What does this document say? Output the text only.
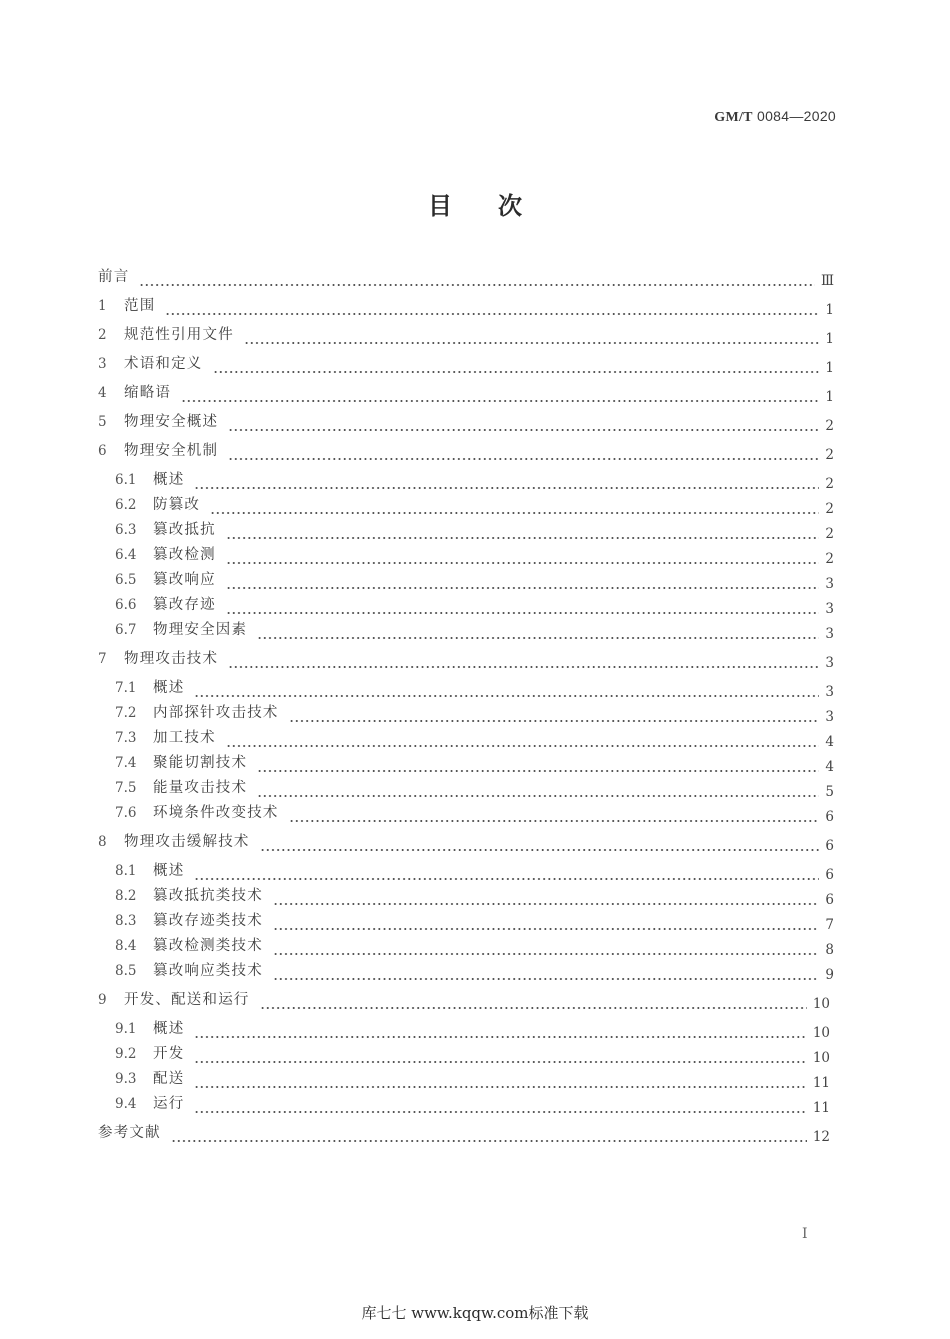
GM/T 0084—2020
目次
前言	Ⅲ
1	范围	1
2	规范性引用文件	1
3	术语和定义	1
4	缩略语	1
5	物理安全概述	2
6	物理安全机制	2
6.1	概述	2
6.2	防篡改	2
6.3	篡改抵抗	2
6.4	篡改检测	2
6.5	篡改响应	3
6.6	篡改存迹	3
6.7	物理安全因素	3
7	物理攻击技术	3
7.1	概述	3
7.2	内部探针攻击技术	3
7.3	加工技术	4
7.4	聚能切割技术	4
7.5	能量攻击技术	5
7.6	环境条件改变技术	6
8	物理攻击缓解技术	6
8.1	概述	6
8.2	篡改抵抗类技术	6
8.3	篡改存迹类技术	7
8.4	篡改检测类技术	8
8.5	篡改响应类技术	9
9	开发、配送和运行	10
9.1	概述	10
9.2	开发	10
9.3	配送	11
9.4	运行	11
参考文献	12
I
库七七 www.kqqw.com标准下载
